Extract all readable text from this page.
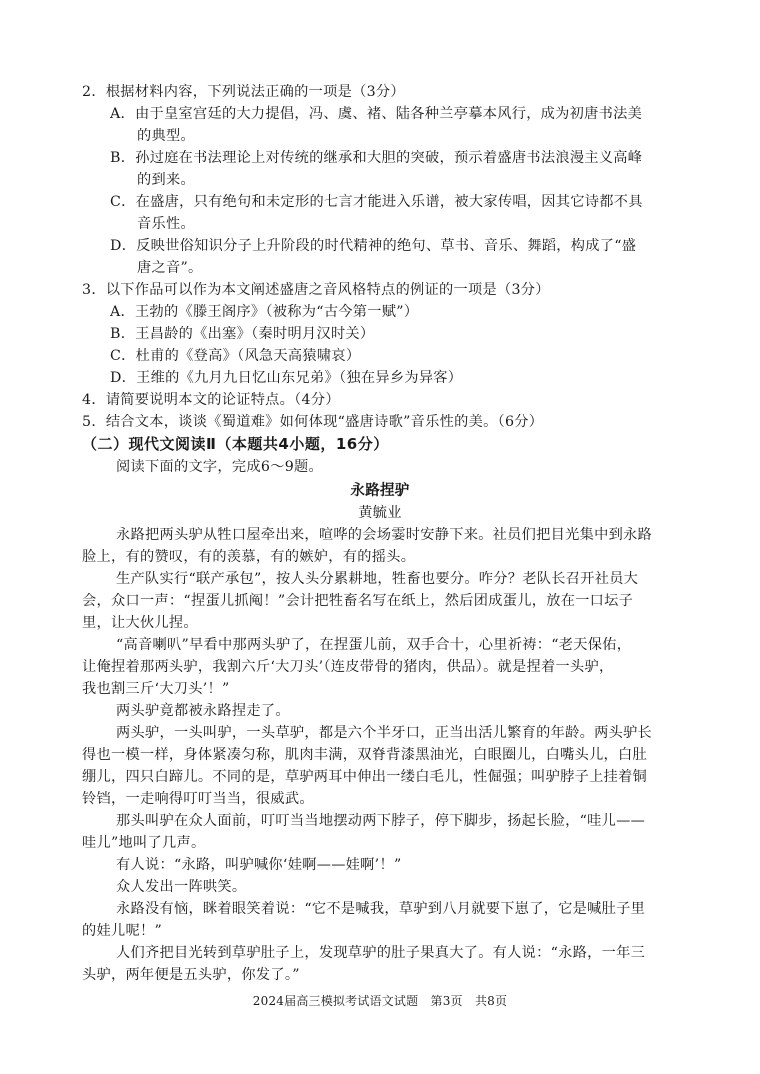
2．根据材料内容，下列说法正确的一项是（3分）
A．由于皇室宫廷的大力提倡，冯、虞、褚、陆各种兰亭摹本风行，成为初唐书法美
的典型。
B．孙过庭在书法理论上对传统的继承和大胆的突破，预示着盛唐书法浪漫主义高峰
的到来。
C．在盛唐，只有绝句和未定形的七言才能进入乐谱，被大家传唱，因其它诗都不具
音乐性。
D．反映世俗知识分子上升阶段的时代精神的绝句、草书、音乐、舞蹈，构成了“盛
唐之音”。
3．以下作品可以作为本文阐述盛唐之音风格特点的例证的一项是（3分）
A．王勃的《滕王阁序》（被称为“古今第一赋”）
B．王昌龄的《出塞》（秦时明月汉时关）
C．杜甫的《登高》（风急天高猿啸哀）
D．王维的《九月九日忆山东兄弟》（独在异乡为异客）
4．请简要说明本文的论证特点。（4分）
5．结合文本，谈谈《蜀道难》如何体现“盛唐诗歌”音乐性的美。（6分）
（二）现代文阅读Ⅱ（本题共4小题，16分）
阅读下面的文字，完成6～9题。
永路捏驴
黄毓业
永路把两头驴从牲口屋牵出来，喧哗的会场霎时安静下来。社员们把目光集中到永路
脸上，有的赞叹，有的羡慕，有的嫉妒，有的摇头。
生产队实行“联产承包”，按人头分累耕地，牲畜也要分。咋分？老队长召开社员大
会，众口一声：“捏蛋儿抓阄！”会计把牲畜名写在纸上，然后团成蛋儿，放在一口坛子
里，让大伙儿捏。
“高音喇叭”早看中那两头驴了，在捏蛋儿前，双手合十，心里祈祷：“老天保佑，
让俺捏着那两头驴，我割六斤‘大刀头’（连皮带骨的猪肉，供品）。就是捏着一头驴，
我也割三斤‘大刀头’！”
两头驴竟都被永路捏走了。
两头驴，一头叫驴，一头草驴，都是六个半牙口，正当出活儿繁育的年龄。两头驴长
得也一模一样，身体紧凑匀称，肌肉丰满，双脊背漆黑油光，白眼圈儿，白嘴头儿，白肚
绷儿，四只白蹄儿。不同的是，草驴两耳中伸出一缕白毛儿，性倔强；叫驴脖子上挂着铜
铃铛，一走响得叮叮当当，很威武。
那头叫驴在众人面前，叮叮当当地摆动两下脖子，停下脚步，扬起长脸，“哇儿——
哇儿”地叫了几声。
有人说：“永路，叫驴喊你‘娃啊——娃啊’！”
众人发出一阵哄笑。
永路没有恼，眯着眼笑着说：“它不是喊我，草驴到八月就要下崽了，它是喊肚子里
的娃儿呢！”
人们齐把目光转到草驴肚子上，发现草驴的肚子果真大了。有人说：“永路，一年三
头驴，两年便是五头驴，你发了。”
2024届高三模拟考试语文试题　第3页　共8页
